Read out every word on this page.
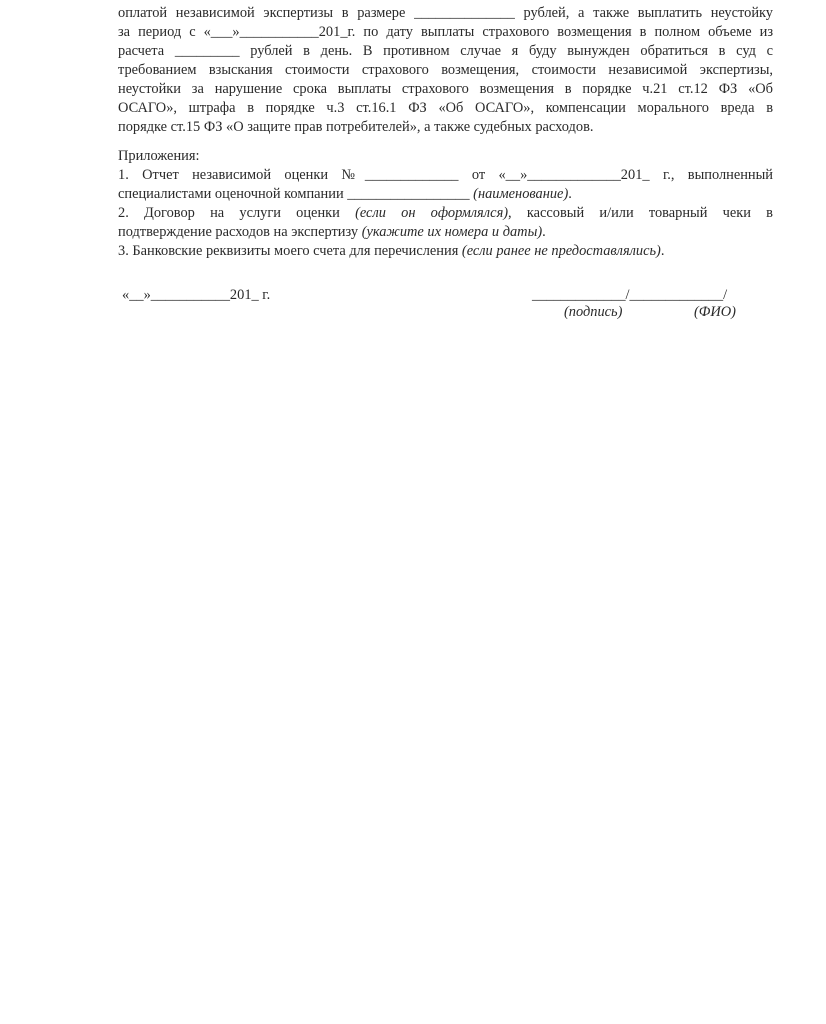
оплатой независимой экспертизы в размере ______________ рублей, а также выплатить неустойку
за период с «___»___________201_г. по дату выплаты страхового возмещения в полном объеме из
расчета _________ рублей в день. В противном случае я буду вынужден обратиться в суд с
требованием взыскания стоимости страхового возмещения, стоимости независимой экспертизы,
неустойки за нарушение срока выплаты страхового возмещения в порядке ч.21 ст.12 ФЗ «Об
ОСАГО», штрафа в порядке ч.3 ст.16.1 ФЗ «Об ОСАГО», компенсации морального вреда в
порядке ст.15 ФЗ «О защите прав потребителей», а также судебных расходов.
Приложения:
1. Отчет независимой оценки №_____________ от «__»_____________201_ г., выполненный
специалистами оценочной компании _________________ (наименование).
2. Договор на услуги оценки (если он оформлялся), кассовый и/или товарный чеки в
подтверждение расходов на экспертизу (укажите их номера и даты).
3. Банковские реквизиты моего счета для перечисления (если ранее не предоставлялись).
«__»___________201_ г.	_____________/_____________/
(подпись)	(ФИО)
